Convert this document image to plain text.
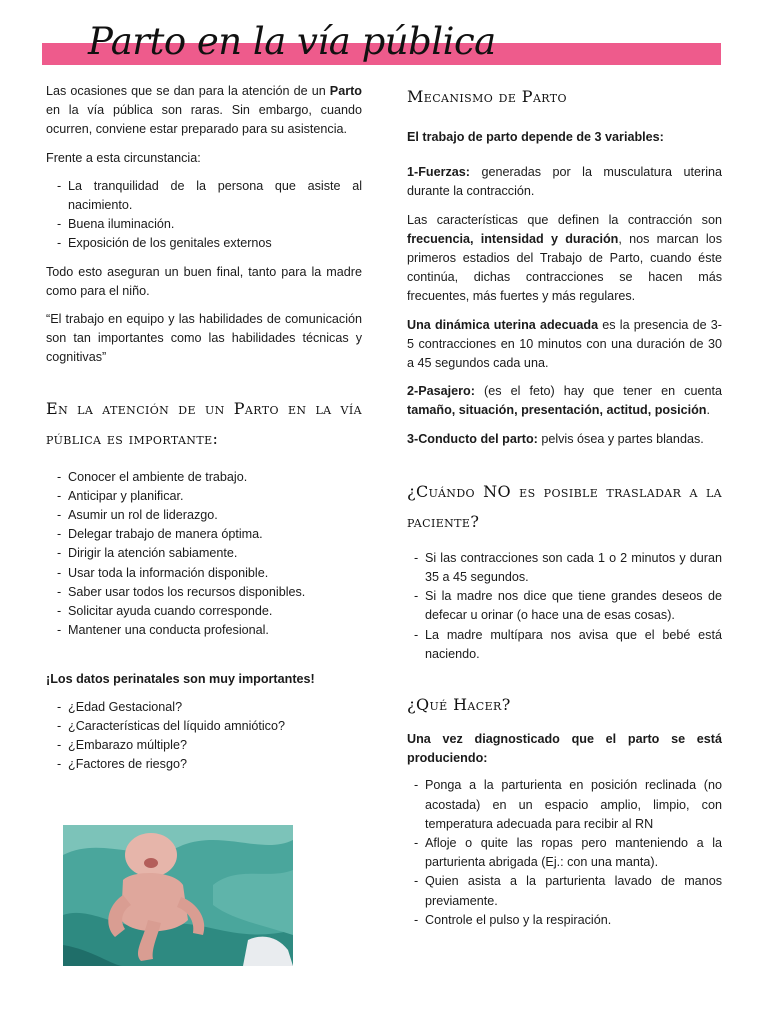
Parto en la vía pública

Las ocasiones que se dan para la atención de un Parto en la vía pública son raras. Sin embargo, cuando ocurren, conviene estar preparado para su asistencia.

Frente a esta circunstancia:

- La tranquilidad de la persona que asiste al nacimiento.
- Buena iluminación.
- Exposición de los genitales externos

Todo esto aseguran un buen final, tanto para la madre como para el niño.

“El trabajo en equipo y las habilidades de comunicación son tan importantes como las habilidades técnicas y cognitivas”

En la atención de un Parto en la vía pública es importante:
- Conocer el ambiente de trabajo.
- Anticipar y planificar.
- Asumir un rol de liderazgo.
- Delegar trabajo de manera óptima.
- Dirigir la atención sabiamente.
- Usar toda la información disponible.
- Saber usar todos los recursos disponibles.
- Solicitar ayuda cuando corresponde.
- Mantener una conducta profesional.

¡Los datos perinatales son muy importantes!

- ¿Edad Gestacional?
- ¿Características del líquido amniótico?
- ¿Embarazo múltiple?
- ¿Factores de riesgo?
Mecanismo de Parto

El trabajo de parto depende de 3 variables:

1-Fuerzas: generadas por la musculatura uterina durante la contracción.

Las características que definen la contracción son frecuencia, intensidad y duración, nos marcan los primeros estadios del Trabajo de Parto, cuando éste continúa, dichas contracciones se hacen más frecuentes, más fuertes y más regulares.

Una dinámica uterina adecuada es la presencia de 3-5 contracciones en 10 minutos con una duración de 30 a 45 segundos cada una.

2-Pasajero: (es el feto) hay que tener en cuenta tamaño, situación, presentación, actitud, posición.

3-Conducto del parto: pelvis ósea y partes blandas.

¿Cuándo NO es posible trasladar a la paciente?
- Si las contracciones son cada 1 o 2 minutos y duran 35 a 45 segundos.
- Si la madre nos dice que tiene grandes deseos de defecar u orinar (o hace una de esas cosas).
- La madre multípara nos avisa que el bebé está naciendo.
¿Qué Hacer?

Una vez diagnosticado que el parto se está produciendo:

- Ponga a la parturienta en posición reclinada (no acostada) en un espacio amplio, limpio, con temperatura adecuada para recibir al RN
- Afloje o quite las ropas pero manteniendo a la parturienta abrigada (Ej.: con una manta).
- Quien asista a la parturienta lavado de manos previamente.
- Controle el pulso y la respiración.
